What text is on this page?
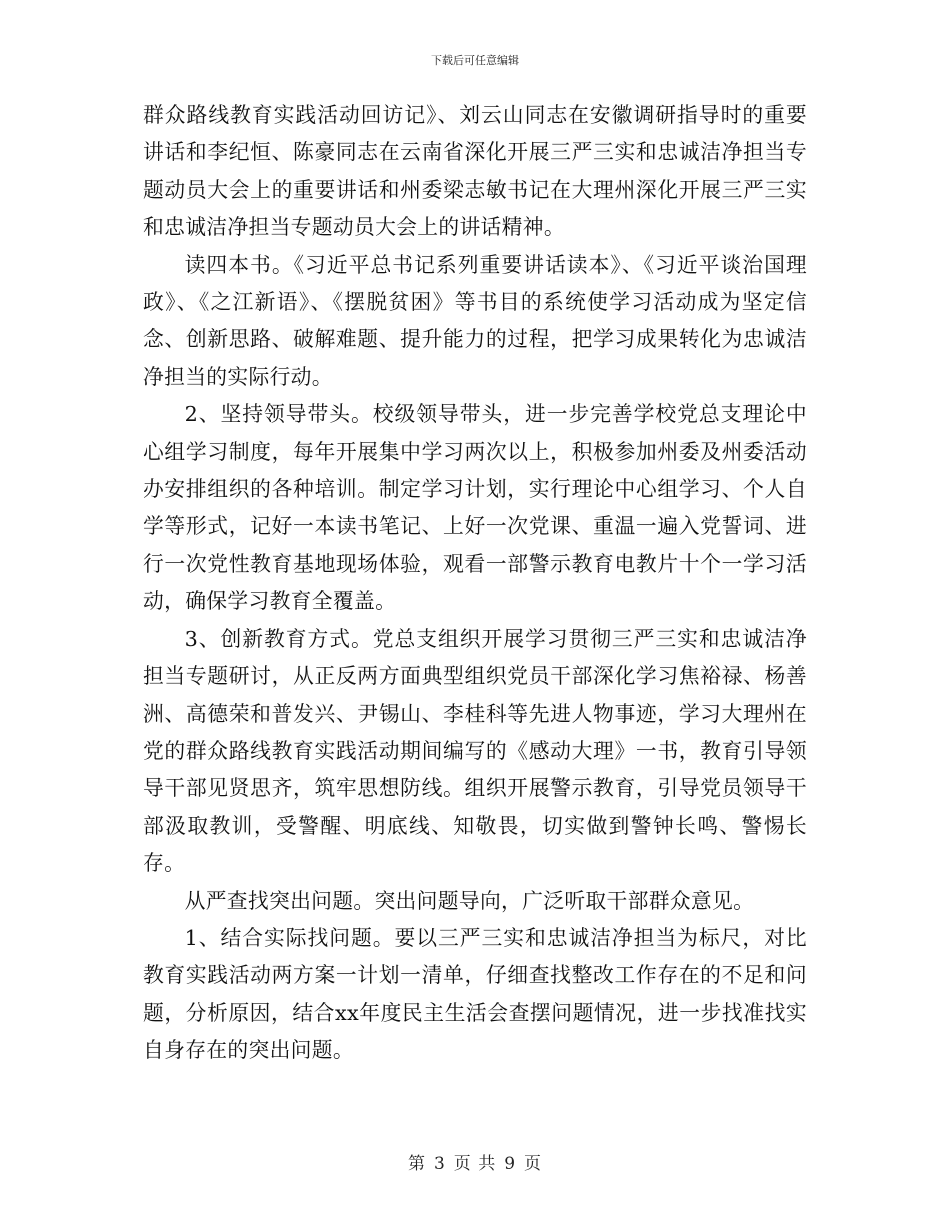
下载后可任意编辑

群众路线教育实践活动回访记》、刘云山同志在安徽调研指导时的重要讲话和李纪恒、陈豪同志在云南省深化开展三严三实和忠诚洁净担当专题动员大会上的重要讲话和州委梁志敏书记在大理州深化开展三严三实和忠诚洁净担当专题动员大会上的讲话精神。

读四本书。《习近平总书记系列重要讲话读本》、《习近平谈治国理政》、《之江新语》、《摆脱贫困》等书目的系统使学习活动成为坚定信念、创新思路、破解难题、提升能力的过程，把学习成果转化为忠诚洁净担当的实际行动。

2、坚持领导带头。校级领导带头，进一步完善学校党总支理论中心组学习制度，每年开展集中学习两次以上，积极参加州委及州委活动办安排组织的各种培训。制定学习计划，实行理论中心组学习、个人自学等形式，记好一本读书笔记、上好一次党课、重温一遍入党誓词、进行一次党性教育基地现场体验，观看一部警示教育电教片十个一学习活动，确保学习教育全覆盖。

3、创新教育方式。党总支组织开展学习贯彻三严三实和忠诚洁净担当专题研讨，从正反两方面典型组织党员干部深化学习焦裕禄、杨善洲、高德荣和普发兴、尹锡山、李桂科等先进人物事迹，学习大理州在党的群众路线教育实践活动期间编写的《感动大理》一书，教育引导领导干部见贤思齐，筑牢思想防线。组织开展警示教育，引导党员领导干部汲取教训，受警醒、明底线、知敬畏，切实做到警钟长鸣、警惕长存。

从严查找突出问题。突出问题导向，广泛听取干部群众意见。

1、结合实际找问题。要以三严三实和忠诚洁净担当为标尺，对比教育实践活动两方案一计划一清单，仔细查找整改工作存在的不足和问题，分析原因，结合xx年度民主生活会查摆问题情况，进一步找准找实自身存在的突出问题。

第 3 页 共 9 页
